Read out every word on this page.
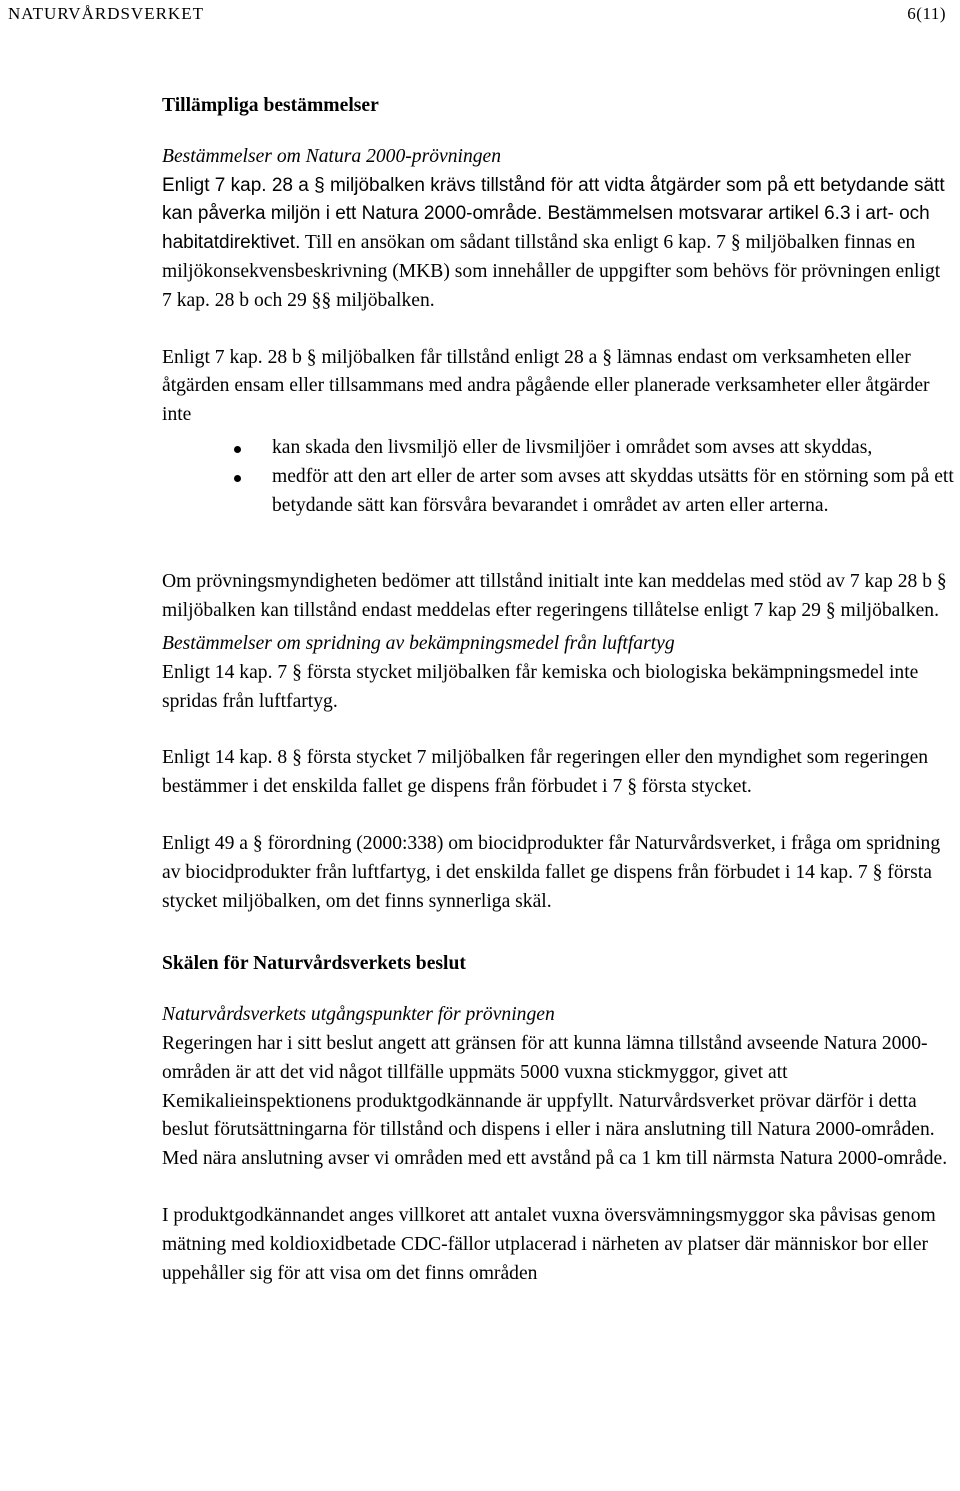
NATURVÅRDSVERKET	6(11)

Tillämpliga bestämmelser

Bestämmelser om Natura 2000-prövningen

Enligt 7 kap. 28 a § miljöbalken krävs tillstånd för att vidta åtgärder som på ett betydande sätt kan påverka miljön i ett Natura 2000-område. Bestämmelsen motsvarar artikel 6.3 i art- och habitatdirektivet. Till en ansökan om sådant tillstånd ska enligt 6 kap. 7 § miljöbalken finnas en miljökonsekvensbeskrivning (MKB) som innehåller de uppgifter som behövs för prövningen enligt 7 kap. 28 b och 29 §§ miljöbalken.

Enligt 7 kap. 28 b § miljöbalken får tillstånd enligt 28 a § lämnas endast om verksamheten eller åtgärden ensam eller tillsammans med andra pågående eller planerade verksamheter eller åtgärder inte

kan skada den livsmiljö eller de livsmiljöer i området som avses att skyddas,
medför att den art eller de arter som avses att skyddas utsätts för en störning som på ett betydande sätt kan försvåra bevarandet i området av arten eller arterna.

Om prövningsmyndigheten bedömer att tillstånd initialt inte kan meddelas med stöd av 7 kap 28 b § miljöbalken kan tillstånd endast meddelas efter regeringens tillåtelse enligt 7 kap 29 § miljöbalken.

Bestämmelser om spridning av bekämpningsmedel från luftfartyg

Enligt 14 kap. 7 § första stycket miljöbalken får kemiska och biologiska bekämpningsmedel inte spridas från luftfartyg.

Enligt 14 kap. 8 § första stycket 7 miljöbalken får regeringen eller den myndighet som regeringen bestämmer i det enskilda fallet ge dispens från förbudet i 7 § första stycket.

Enligt 49 a § förordning (2000:338) om biocidprodukter får Naturvårdsverket, i fråga om spridning av biocidprodukter från luftfartyg, i det enskilda fallet ge dispens från förbudet i 14 kap. 7 § första stycket miljöbalken, om det finns synnerliga skäl.

Skälen för Naturvårdsverkets beslut

Naturvårdsverkets utgångspunkter för prövningen

Regeringen har i sitt beslut angett att gränsen för att kunna lämna tillstånd avseende Natura 2000-områden är att det vid något tillfälle uppmäts 5000 vuxna stickmyggor, givet att Kemikalieinspektionens produktgodkännande är uppfyllt. Naturvårdsverket prövar därför i detta beslut förutsättningarna för tillstånd och dispens i eller i nära anslutning till Natura 2000-områden. Med nära anslutning avser vi områden med ett avstånd på ca 1 km till närmsta Natura 2000-område.

I produktgodkännandet anges villkoret att antalet vuxna översvämningsmyggor ska påvisas genom mätning med koldioxidbetade CDC-fällor utplacerad i närheten av platser där människor bor eller uppehåller sig för att visa om det finns områden
